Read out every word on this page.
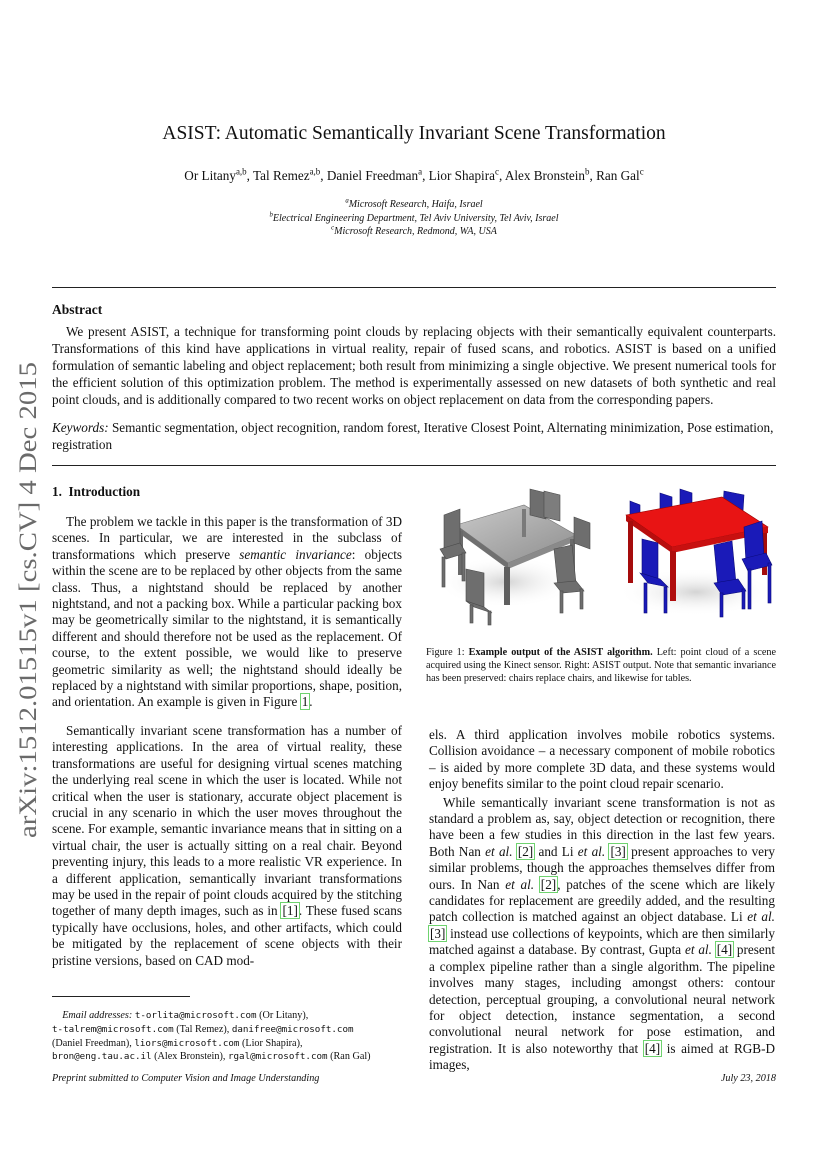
arXiv:1512.01515v1 [cs.CV] 4 Dec 2015
ASIST: Automatic Semantically Invariant Scene Transformation
Or Litany$^{a,b}$, Tal Remez$^{a,b}$, Daniel Freedman$^a$, Lior Shapira$^c$, Alex Bronstein$^b$, Ran Gal$^c$
$^a$Microsoft Research, Haifa, Israel
$^b$Electrical Engineering Department, Tel Aviv University, Tel Aviv, Israel
$^c$Microsoft Research, Redmond, WA, USA
Abstract
We present ASIST, a technique for transforming point clouds by replacing objects with their semantically equivalent counterparts. Transformations of this kind have applications in virtual reality, repair of fused scans, and robotics. ASIST is based on a unified formulation of semantic labeling and object replacement; both result from minimizing a single objective. We present numerical tools for the efficient solution of this optimization problem. The method is experimentally assessed on new datasets of both synthetic and real point clouds, and is additionally compared to two recent works on object replacement on data from the corresponding papers.
Keywords: Semantic segmentation, object recognition, random forest, Iterative Closest Point, Alternating minimization, Pose estimation, registration
1. Introduction

The problem we tackle in this paper is the transformation of 3D scenes. In particular, we are interested in the subclass of transformations which preserve semantic invariance: objects within the scene are to be replaced by other objects from the same class. Thus, a nightstand should be replaced by another nightstand, and not a packing box. While a particular packing box may be geometrically similar to the nightstand, it is semantically different and should therefore not be used as the replacement. Of course, to the extent possible, we would like to preserve geometric similarity as well; the nightstand should ideally be replaced by a nightstand with similar proportions, shape, position, and orientation. An example is given in Figure 1.

Semantically invariant scene transformation has a number of interesting applications. In the area of virtual reality, these transformations are useful for designing virtual scenes matching the underlying real scene in which the user is located. While not critical when the user is stationary, accurate object placement is crucial in any scenario in which the user moves throughout the scene. For example, semantic invariance means that in sitting on a virtual chair, the user is actually sitting on a real chair. Beyond preventing injury, this leads to a more realistic VR experience. In a different application, semantically invariant transformations may be used in the repair of point clouds acquired by the stitching together of many depth images, such as in [1]. These fused scans typically have occlusions, holes, and other artifacts, which could be mitigated by the replacement of scene objects with their pristine versions, based on CAD mod-

Figure 1: Example output of the ASIST algorithm. Left: point cloud of a scene acquired using the Kinect sensor. Right: ASIST output. Note that semantic invariance has been preserved: chairs replace chairs, and likewise for tables.

els. A third application involves mobile robotics systems. Collision avoidance – a necessary component of mobile robotics – is aided by more complete 3D data, and these systems would enjoy benefits similar to the point cloud repair scenario.

While semantically invariant scene transformation is not as standard a problem as, say, object detection or recognition, there have been a few studies in this direction in the last few years. Both Nan et al. [2] and Li et al. [3] present approaches to very similar problems, though the approaches themselves differ from ours. In Nan et al. [2], patches of the scene which are likely candidates for replacement are greedily added, and the resulting patch collection is matched against an object database. Li et al. [3] instead use collections of keypoints, which are then similarly matched against a database. By contrast, Gupta et al. [4] present a complex pipeline rather than a single algorithm. The pipeline involves many stages, including amongst others: contour detection, perceptual grouping, a convolutional neural network for object detection, instance segmentation, a second convolutional neural network for pose estimation, and registration. It is also noteworthy that [4] is aimed at RGB-D images,

Email addresses: t-orlita@microsoft.com (Or Litany),
t-talrem@microsoft.com (Tal Remez), danifree@microsoft.com
(Daniel Freedman), liors@microsoft.com (Lior Shapira),
bron@eng.tau.ac.il (Alex Bronstein), rgal@microsoft.com (Ran Gal)
Preprint submitted to Computer Vision and Image Understanding	July 23, 2018
